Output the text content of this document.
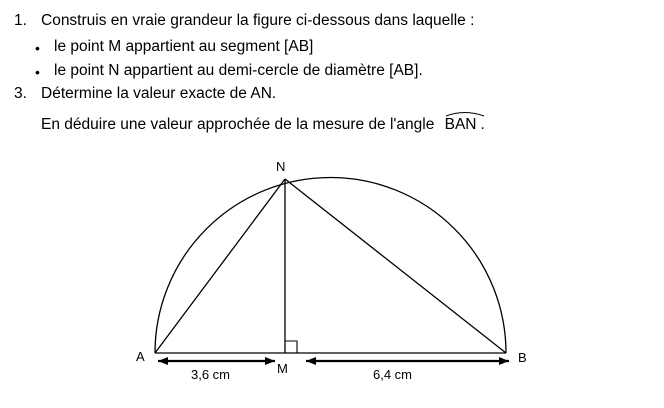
1. Construis en vraie grandeur la figure ci-dessous dans laquelle :
• le point M appartient au segment [AB]
• le point N appartient au demi-cercle de diamètre [AB].
3. Détermine la valeur exacte de AN.
En déduire une valeur approchée de la mesure de l'angle BAN .
N
A	B
M
3,6 cm	6,4 cm
